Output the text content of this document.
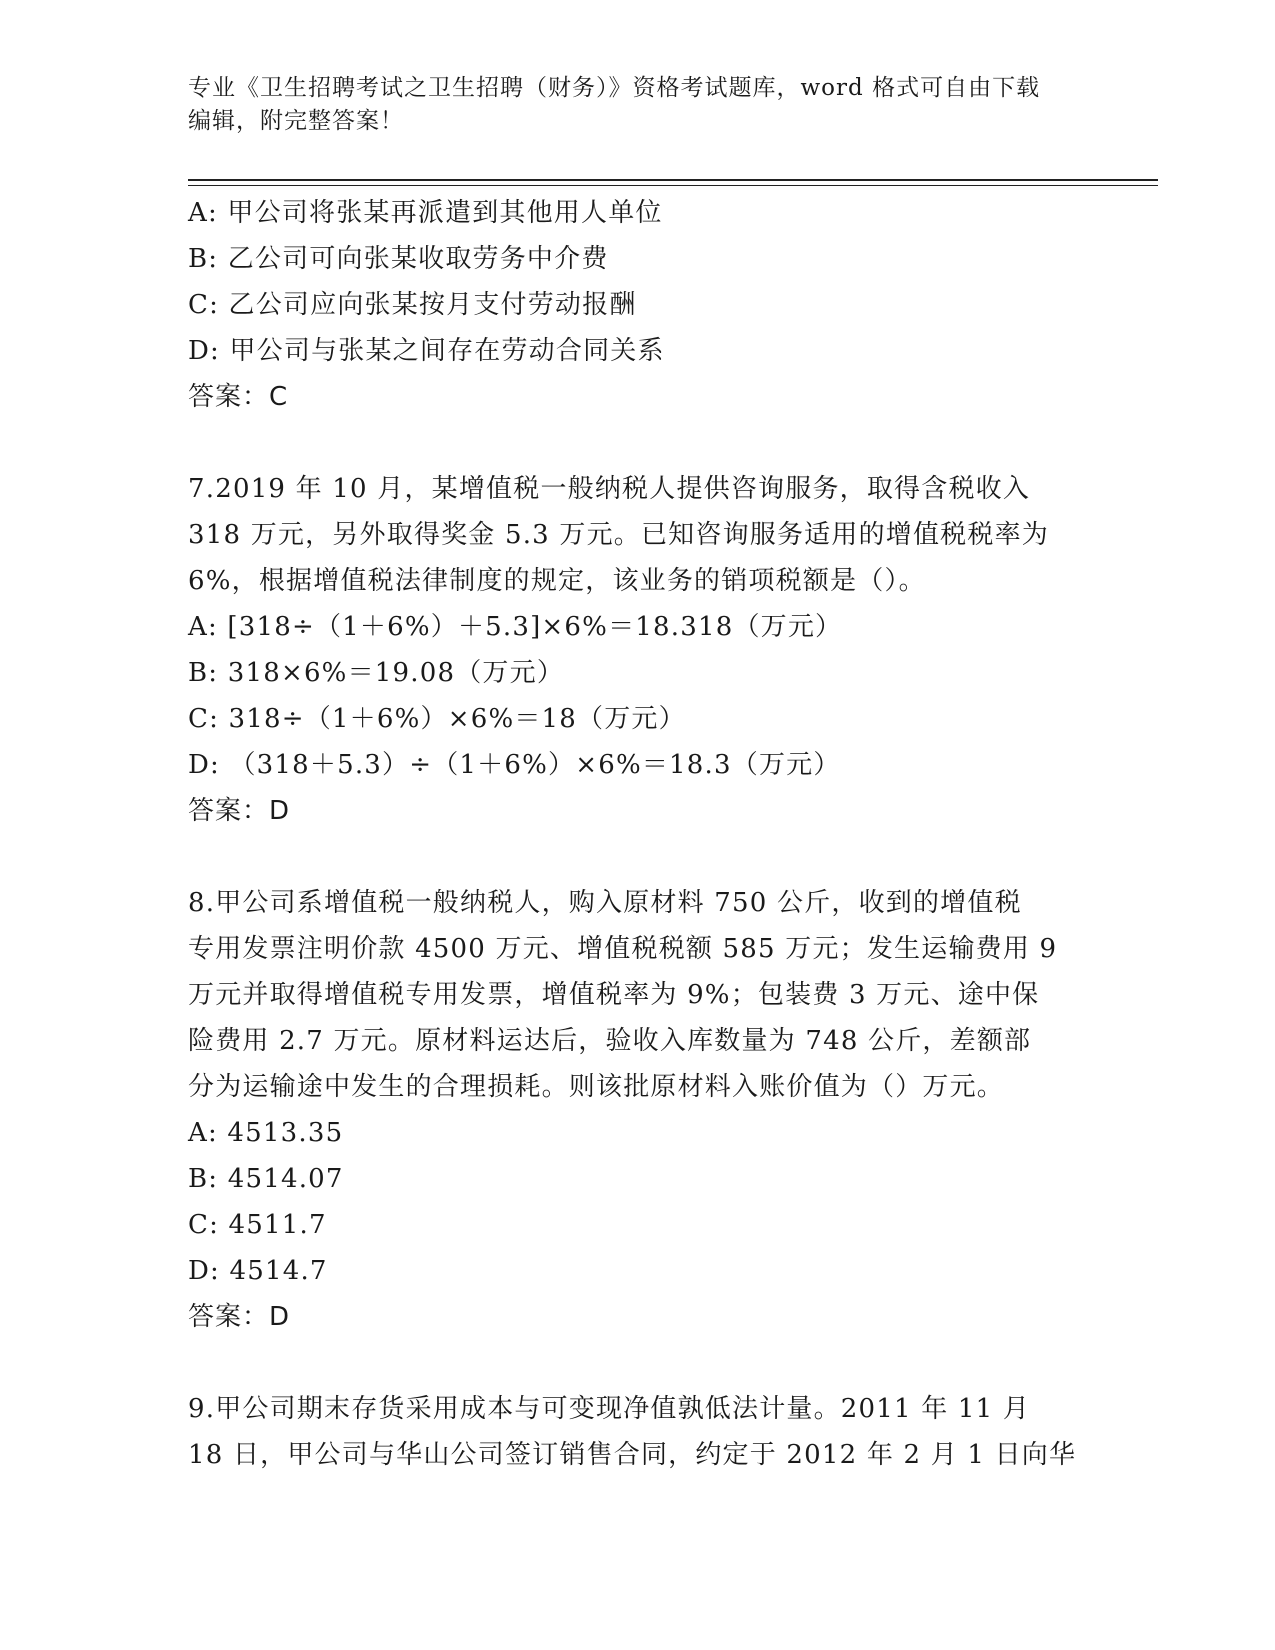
专业《卫生招聘考试之卫生招聘（财务）》资格考试题库，word 格式可自由下载
编辑，附完整答案！
A: 甲公司将张某再派遣到其他用人单位
B: 乙公司可向张某收取劳务中介费
C: 乙公司应向张某按月支付劳动报酬
D: 甲公司与张某之间存在劳动合同关系
答案：C
7.2019 年 10 月，某增值税一般纳税人提供咨询服务，取得含税收入
318 万元，另外取得奖金 5.3 万元。已知咨询服务适用的增值税税率为
6%，根据增值税法律制度的规定，该业务的销项税额是（）。
A: [318÷（1＋6%）＋5.3]×6%＝18.318（万元）
B: 318×6%＝19.08（万元）
C: 318÷（1＋6%）×6%＝18（万元）
D: （318＋5.3）÷（1＋6%）×6%＝18.3（万元）
答案：D
8.甲公司系增值税一般纳税人，购入原材料 750 公斤，收到的增值税
专用发票注明价款 4500 万元、增值税税额 585 万元；发生运输费用 9
万元并取得增值税专用发票，增值税率为 9%；包装费 3 万元、途中保
险费用 2.7 万元。原材料运达后，验收入库数量为 748 公斤，差额部
分为运输途中发生的合理损耗。则该批原材料入账价值为（）万元。
A: 4513.35
B: 4514.07
C: 4511.7
D: 4514.7
答案：D
9.甲公司期末存货采用成本与可变现净值孰低法计量。2011 年 11 月
18 日，甲公司与华山公司签订销售合同，约定于 2012 年 2 月 1 日向华
